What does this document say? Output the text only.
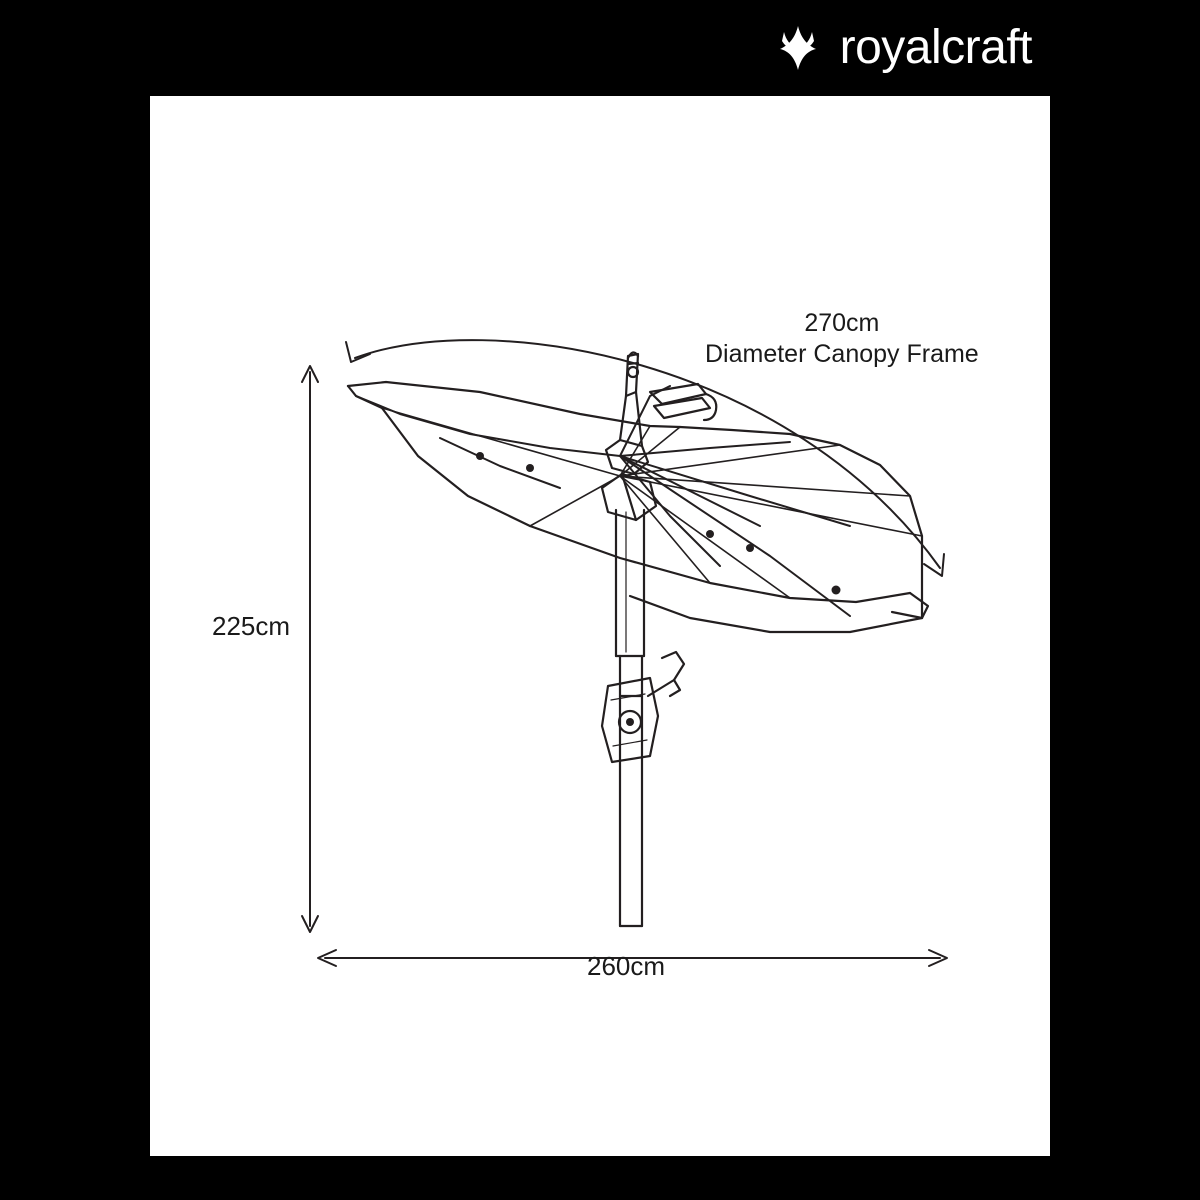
royalcraft
225cm
260cm
270cm
Diameter Canopy Frame
